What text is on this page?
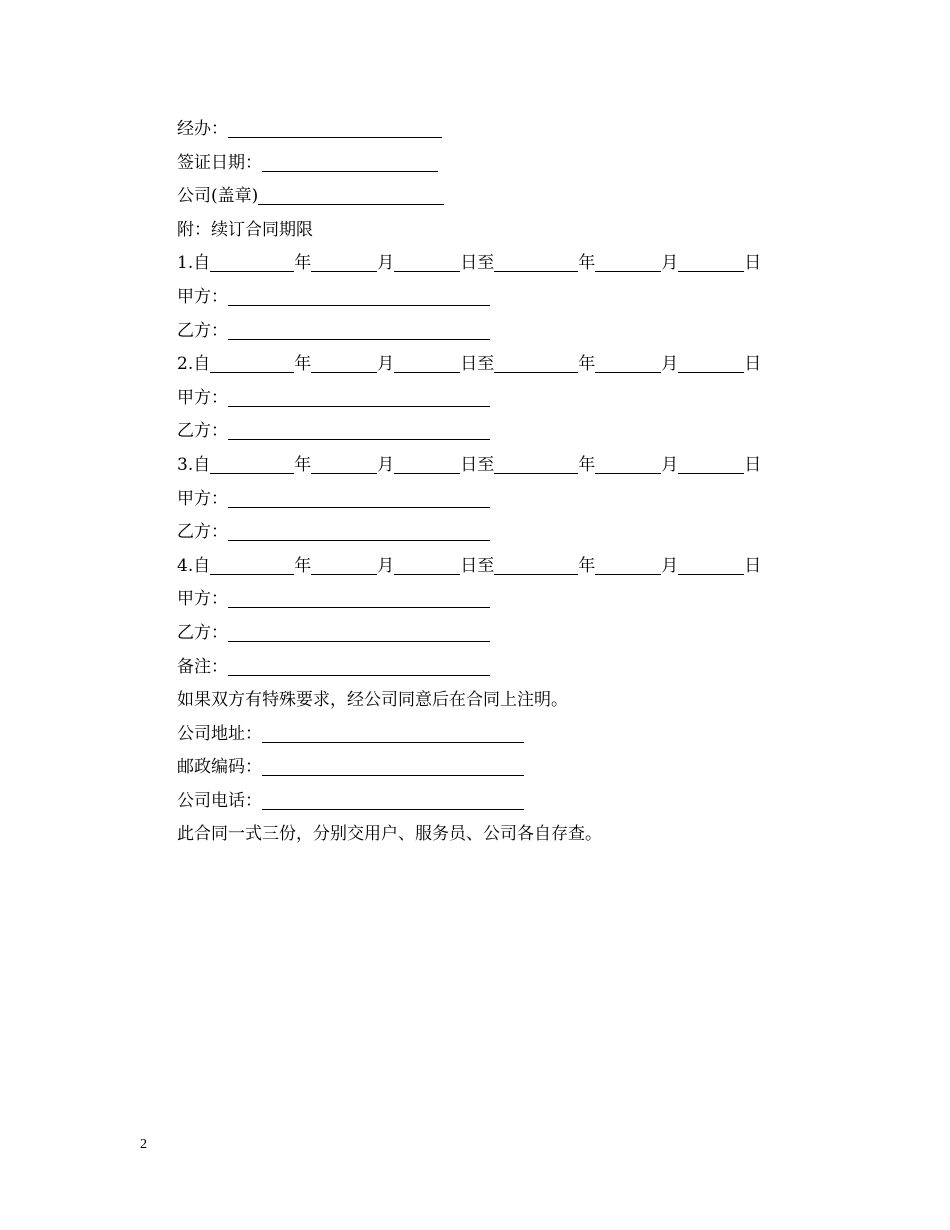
经办：
签证日期：
公司(盖章)
附：续订合同期限
1.自	年	月	日至	年	月	日
甲方：
乙方：
2.自	年	月	日至	年	月	日
甲方：
乙方：
3.自	年	月	日至	年	月	日
甲方：
乙方：
4.自	年	月	日至	年	月	日
甲方：
乙方：
备注：
如果双方有特殊要求，经公司同意后在合同上注明。
公司地址：
邮政编码：
公司电话：
此合同一式三份，分别交用户、服务员、公司各自存查。
2
